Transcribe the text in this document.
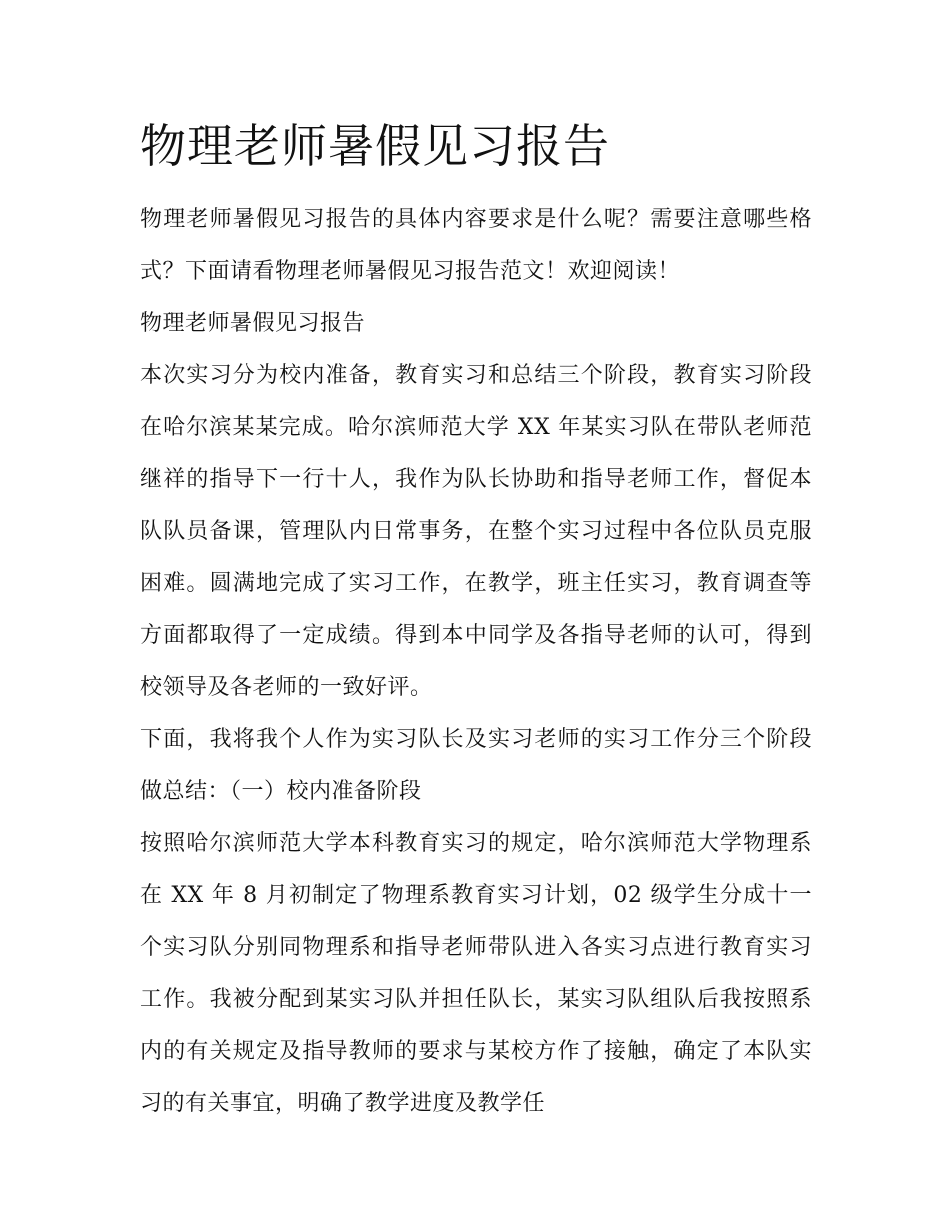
物理老师暑假见习报告

物理老师暑假见习报告的具体内容要求是什么呢？需要注意哪些格式？下面请看物理老师暑假见习报告范文！欢迎阅读！

物理老师暑假见习报告

本次实习分为校内准备，教育实习和总结三个阶段，教育实习阶段在哈尔滨某某完成。哈尔滨师范大学 XX 年某实习队在带队老师范继祥的指导下一行十人，我作为队长协助和指导老师工作，督促本队队员备课，管理队内日常事务，在整个实习过程中各位队员克服困难。圆满地完成了实习工作，在教学，班主任实习，教育调查等方面都取得了一定成绩。得到本中同学及各指导老师的认可，得到校领导及各老师的一致好评。

下面，我将我个人作为实习队长及实习老师的实习工作分三个阶段做总结：（一）校内准备阶段

按照哈尔滨师范大学本科教育实习的规定，哈尔滨师范大学物理系在 XX 年 8 月初制定了物理系教育实习计划，02 级学生分成十一个实习队分别同物理系和指导老师带队进入各实习点进行教育实习工作。我被分配到某实习队并担任队长，某实习队组队后我按照系内的有关规定及指导教师的要求与某校方作了接触，确定了本队实习的有关事宜，明确了教学进度及教学任
